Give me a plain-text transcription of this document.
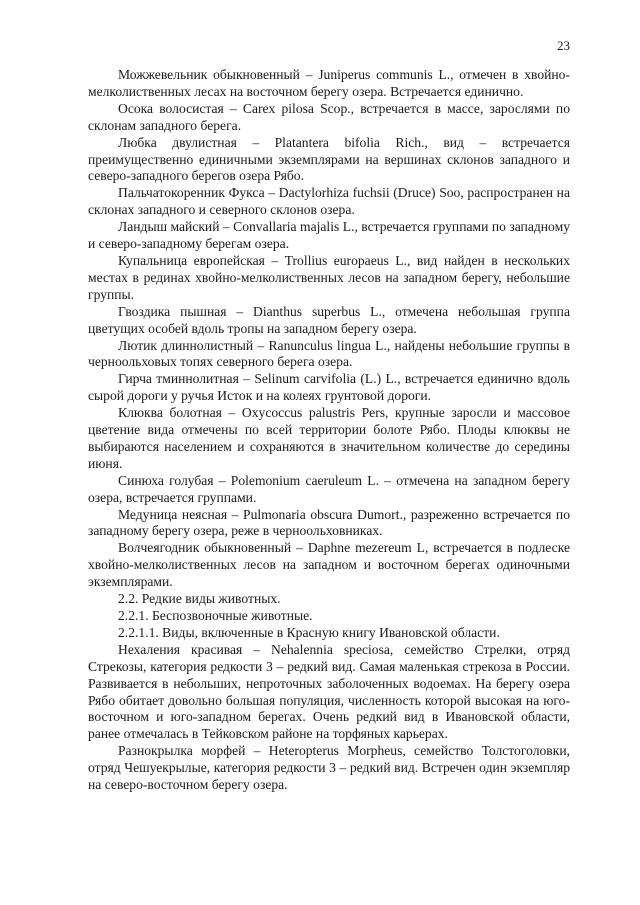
23

Можжевельник обыкновенный – Juniperus communis L., отмечен в хвойно-мелколиственных лесах на восточном берегу озера. Встречается единично.

Осока волосистая – Carex pilosa Scop., встречается в массе, зарослями по склонам западного берега.

Любка двулистная – Platantera bifolia Rich., вид – встречается преимущественно единичными экземплярами на вершинах склонов западного и северо-западного берегов озера Рябо.

Пальчатокоренник Фукса – Dactylorhiza fuchsii (Druce) Soo, распространен на склонах западного и северного склонов озера.

Ландыш майский – Convallaria majalis L., встречается группами по западному и северо-западному берегам озера.

Купальница европейская – Trollius europaeus L., вид найден в нескольких местах в рединах хвойно-мелколиственных лесов на западном берегу, небольшие группы.

Гвоздика пышная – Dianthus superbus L., отмечена небольшая группа цветущих особей вдоль тропы на западном берегу озера.

Лютик длиннолистный – Ranunculus lingua L., найдены небольшие группы в черноольховых топях северного берега озера.

Гирча тминнолитная – Selinum carvifolia (L.) L., встречается единично вдоль сырой дороги у ручья Исток и на колеях грунтовой дороги.

Клюква болотная – Oxycoccus palustris Pers, крупные заросли и массовое цветение вида отмечены по всей территории болоте Рябо. Плоды клюквы не выбираются населением и сохраняются в значительном количестве до середины июня.

Синюха голубая – Polemonium caeruleum L. – отмечена на западном берегу озера, встречается группами.

Медуница неясная – Pulmonaria obscura Dumort., разреженно встречается по западному берегу озера, реже в черноольховниках.

Волчеягодник обыкновенный – Daphne mezereum L, встречается в подлеске хвойно-мелколиственных лесов на западном и восточном берегах одиночными экземплярами.

2.2. Редкие виды животных.

2.2.1. Беспозвоночные животные.

2.2.1.1. Виды, включенные в Красную книгу Ивановской области.

Нехаления красивая – Nehalennia speciosa, семейство Стрелки, отряд Стрекозы, категория редкости 3 – редкий вид. Самая маленькая стрекоза в России. Развивается в небольших, непроточных заболоченных водоемах. На берегу озера Рябо обитает довольно большая популяция, численность которой высокая на юго-восточном и юго-западном берегах. Очень редкий вид в Ивановской области, ранее отмечалась в Тейковском районе на торфяных карьерах.

Разнокрылка морфей – Heteropterus Morpheus, семейство Толстоголовки, отряд Чешуекрылые, категория редкости 3 – редкий вид. Встречен один экземпляр на северо-восточном берегу озера.
